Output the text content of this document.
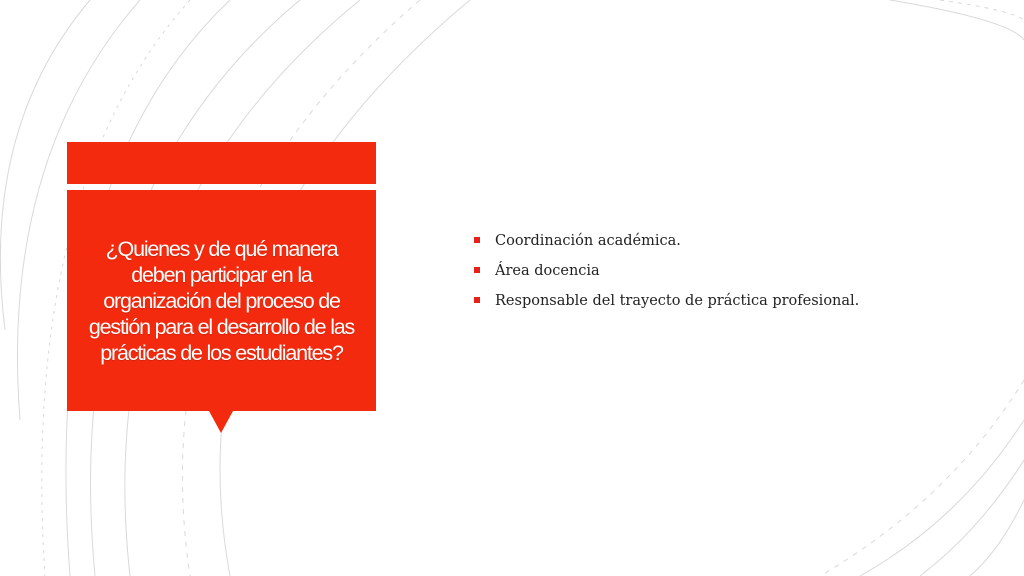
¿Quienes y de qué manera deben participar en la organización del proceso de gestión para el desarrollo de las prácticas de los estudiantes?
Coordinación académica.
Área docencia
Responsable del trayecto de práctica profesional.
